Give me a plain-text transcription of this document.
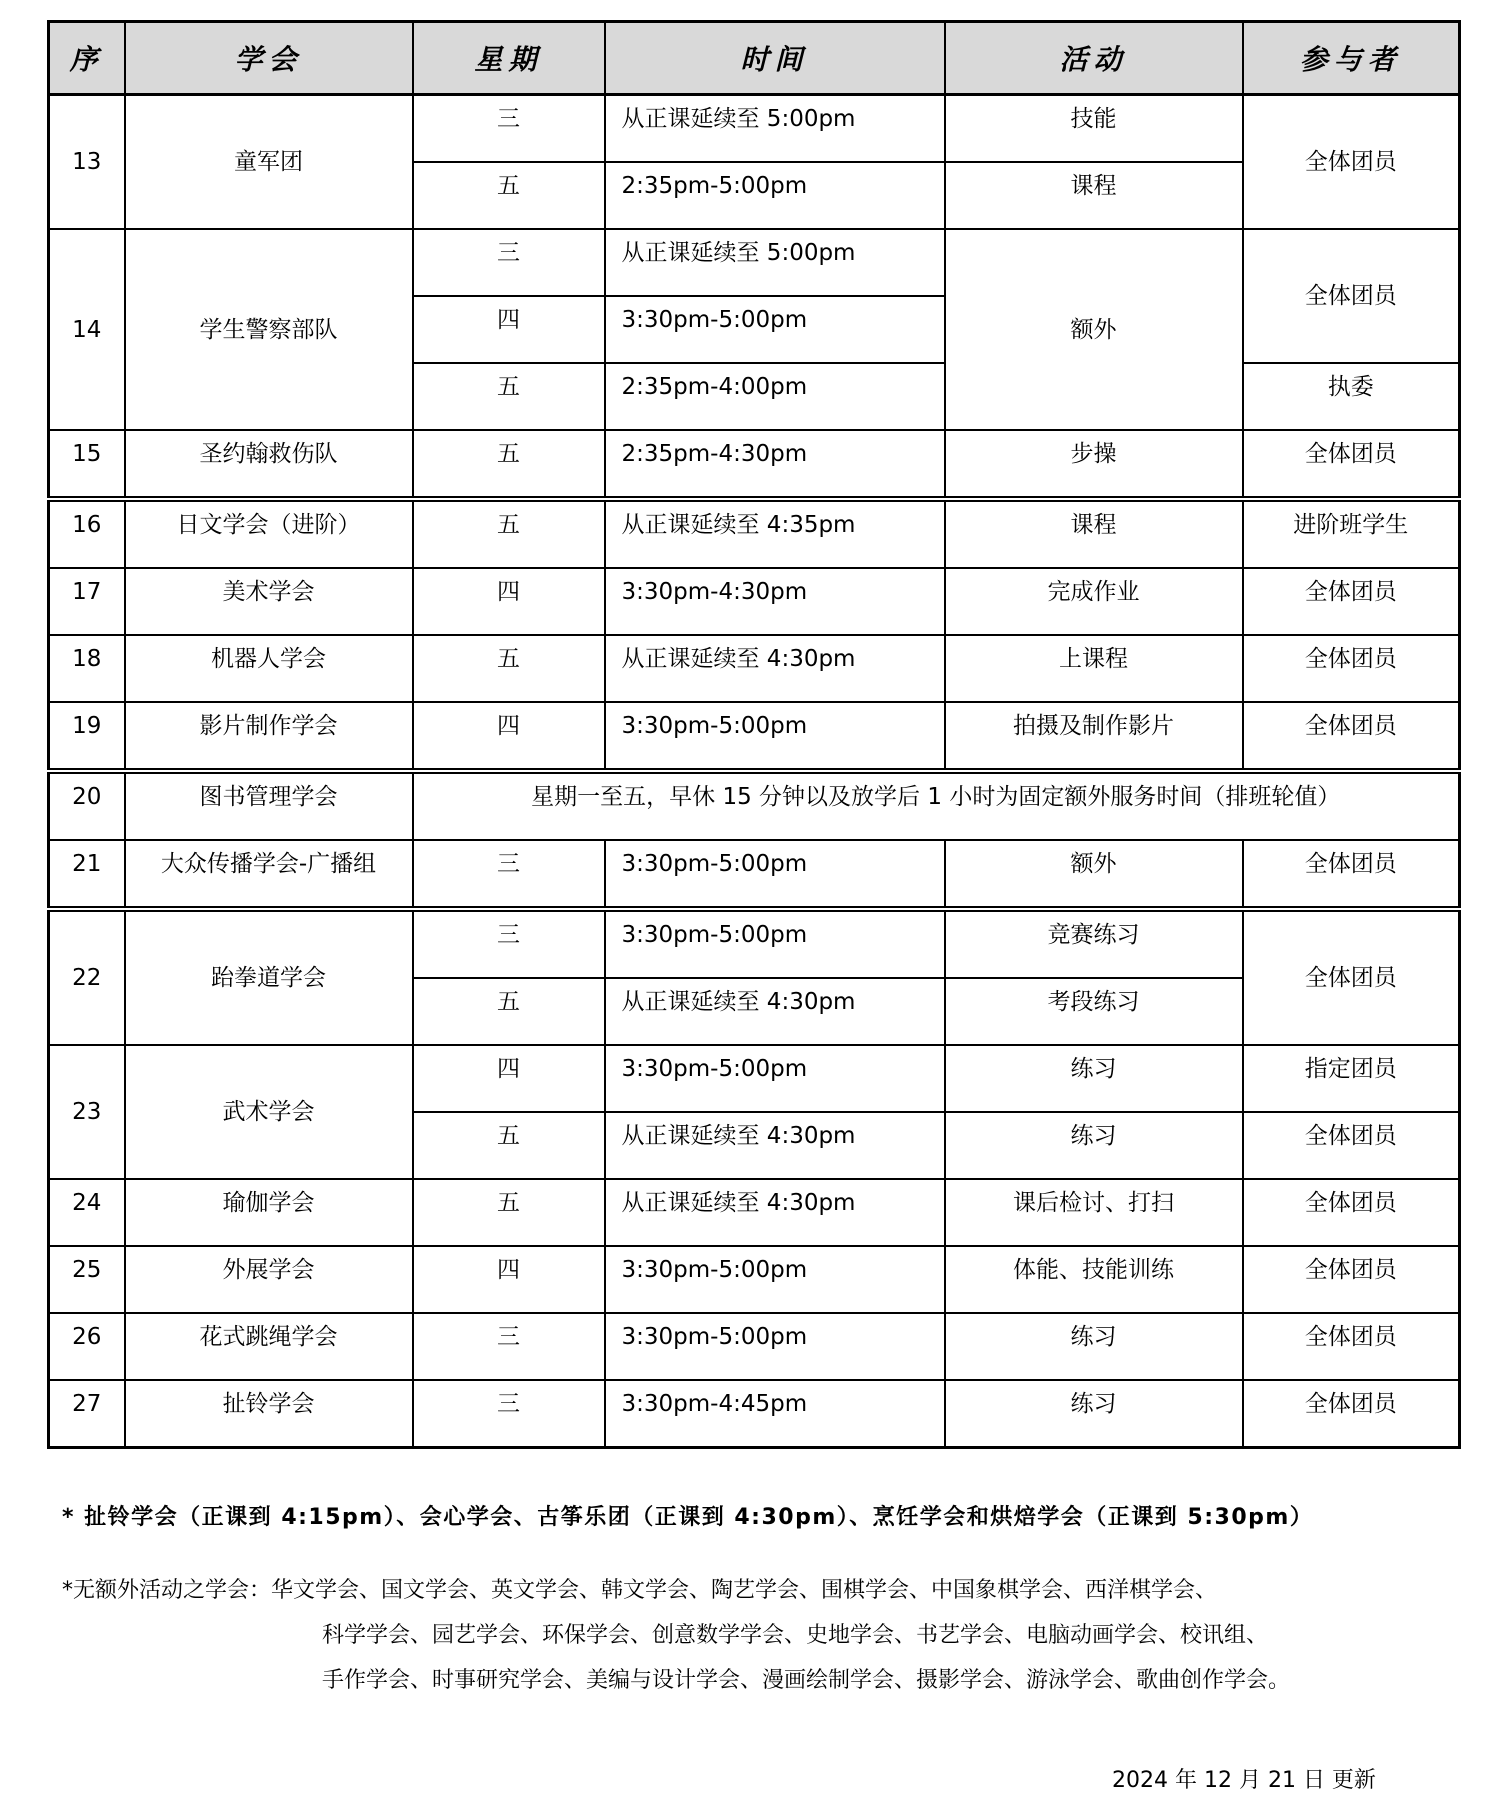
序	学会	星期	时间	活动	参与者

13	童军团	三	从正课延续至 5:00pm	技能	全体团员

		五	2:35pm-5:00pm	课程	

14	学生警察部队	三	从正课延续至 5:00pm	额外	全体团员

		四	3:30pm-5:00pm		

		五	2:35pm-4:00pm		执委

15	圣约翰救伤队	五	2:35pm-4:30pm	步操	全体团员

16	日文学会（进阶）	五	从正课延续至 4:35pm	课程	进阶班学生

17	美术学会	四	3:30pm-4:30pm	完成作业	全体团员

18	机器人学会	五	从正课延续至 4:30pm	上课程	全体团员

19	影片制作学会	四	3:30pm-5:00pm	拍摄及制作影片	全体团员

20	图书管理学会	星期一至五，早休 15 分钟以及放学后 1 小时为固定额外服务时间（排班轮值）			

21	大众传播学会-广播组	三	3:30pm-5:00pm	额外	全体团员

22	跆拳道学会	三	3:30pm-5:00pm	竞赛练习	全体团员

		五	从正课延续至 4:30pm	考段练习	

23	武术学会	四	3:30pm-5:00pm	练习	指定团员

		五	从正课延续至 4:30pm	练习	全体团员

24	瑜伽学会	五	从正课延续至 4:30pm	课后检讨、打扫	全体团员

25	外展学会	四	3:30pm-5:00pm	体能、技能训练	全体团员

26	花式跳绳学会	三	3:30pm-5:00pm	练习	全体团员

27	扯铃学会	三	3:30pm-4:45pm	练习	全体团员
* 扯铃学会（正课到 4:15pm）、会心学会、古筝乐团（正课到 4:30pm）、烹饪学会和烘焙学会（正课到 5:30pm）
*无额外活动之学会：华文学会、国文学会、英文学会、韩文学会、陶艺学会、围棋学会、中国象棋学会、西洋棋学会、
科学学会、园艺学会、环保学会、创意数学学会、史地学会、书艺学会、电脑动画学会、校讯组、
手作学会、时事研究学会、美编与设计学会、漫画绘制学会、摄影学会、游泳学会、歌曲创作学会。
2024 年 12 月 21 日 更新
